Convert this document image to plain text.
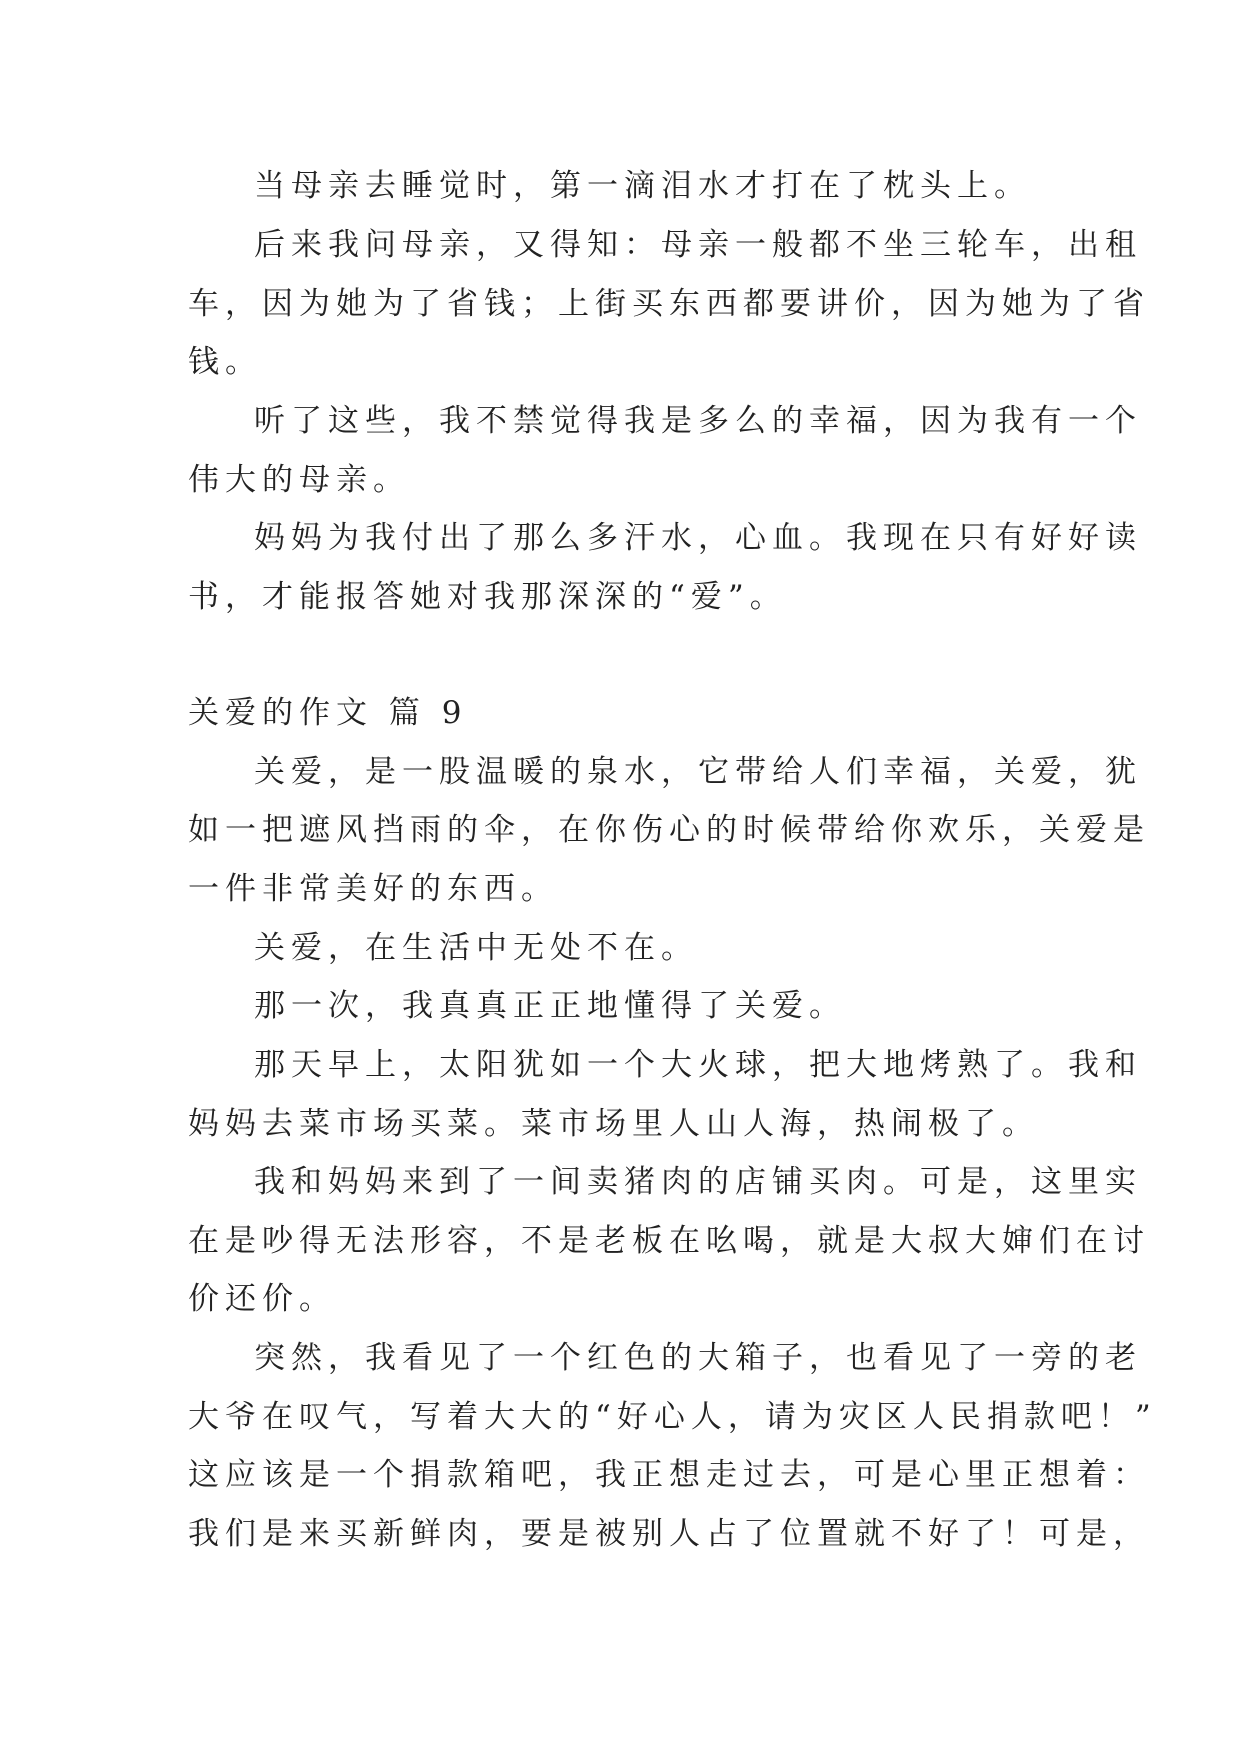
当母亲去睡觉时，第一滴泪水才打在了枕头上。
后来我问母亲，又得知：母亲一般都不坐三轮车，出租
车，因为她为了省钱；上街买东西都要讲价，因为她为了省
钱。
听了这些，我不禁觉得我是多么的幸福，因为我有一个
伟大的母亲。
妈妈为我付出了那么多汗水，心血。我现在只有好好读
书，才能报答她对我那深深的“爱”。
关爱的作文 篇 9
关爱，是一股温暖的泉水，它带给人们幸福，关爱，犹
如一把遮风挡雨的伞，在你伤心的时候带给你欢乐，关爱是
一件非常美好的东西。
关爱，在生活中无处不在。
那一次，我真真正正地懂得了关爱。
那天早上，太阳犹如一个大火球，把大地烤熟了。我和
妈妈去菜市场买菜。菜市场里人山人海，热闹极了。
我和妈妈来到了一间卖猪肉的店铺买肉。可是，这里实
在是吵得无法形容，不是老板在吆喝，就是大叔大婶们在讨
价还价。
突然，我看见了一个红色的大箱子，也看见了一旁的老
大爷在叹气，写着大大的“好心人，请为灾区人民捐款吧！”
这应该是一个捐款箱吧，我正想走过去，可是心里正想着：
我们是来买新鲜肉，要是被别人占了位置就不好了！可是，
